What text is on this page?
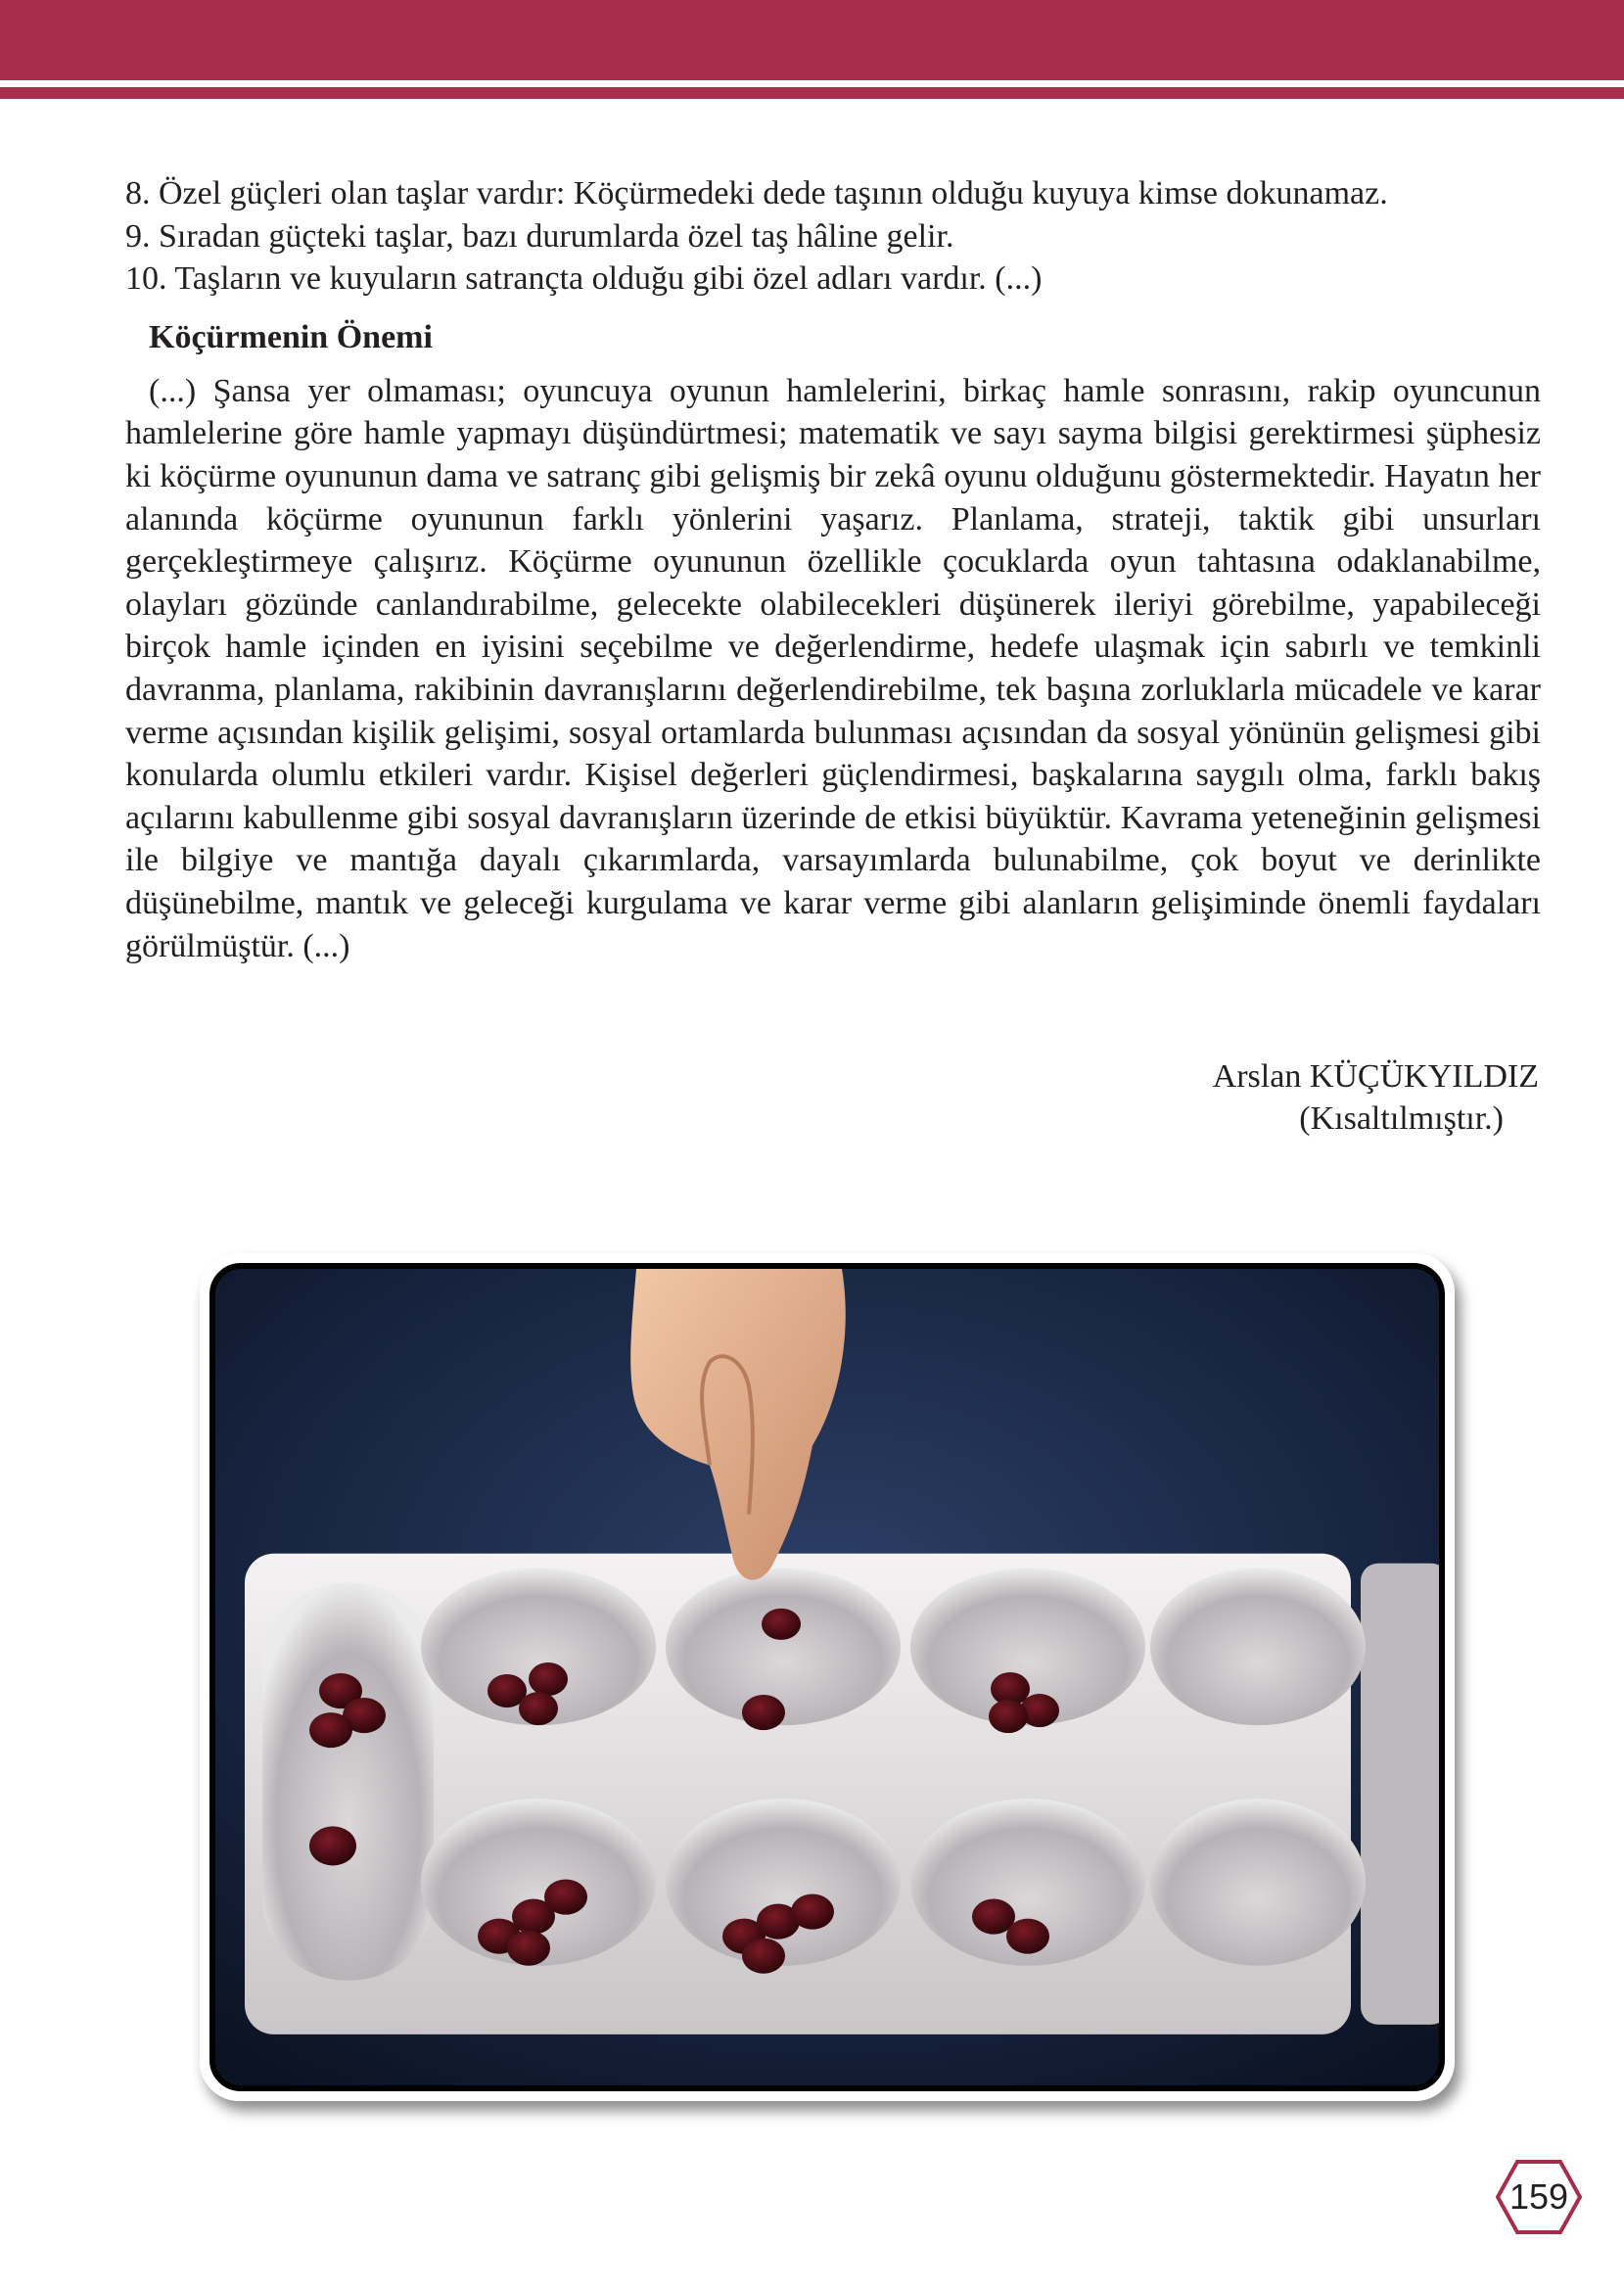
8. Özel güçleri olan taşlar vardır: Köçürmedeki dede taşının olduğu kuyuya kimse dokunamaz.

9. Sıradan güçteki taşlar, bazı durumlarda özel taş hâline gelir.

10. Taşların ve kuyuların satrançta olduğu gibi özel adları vardır. (...)

Köçürmenin Önemi

(...) Şansa yer olmaması; oyuncuya oyunun hamlelerini, birkaç hamle sonrasını, rakip oyuncunun hamlelerine göre hamle yapmayı düşündürtmesi; matematik ve sayı sayma bilgisi gerektirmesi şüphesiz ki köçürme oyununun dama ve satranç gibi gelişmiş bir zekâ oyunu olduğunu göstermektedir. Hayatın her alanında köçürme oyununun farklı yönlerini yaşarız. Planlama, strateji, taktik gibi unsurları gerçekleştirmeye çalışırız. Köçürme oyununun özellikle çocuklarda oyun tahtasına odaklanabilme, olayları gözünde canlandırabilme, gelecekte olabilecekleri düşünerek ileriyi görebilme, yapabileceği birçok hamle içinden en iyisini seçebilme ve değerlendirme, hedefe ulaşmak için sabırlı ve temkinli davranma, planlama, rakibinin davranışlarını değerlendirebilme, tek başına zorluklarla mücadele ve karar verme açısından kişilik gelişimi, sosyal ortamlarda bulunması açısından da sosyal yönünün gelişmesi gibi konularda olumlu etkileri vardır. Kişisel değerleri güçlendirmesi, başkalarına saygılı olma, farklı bakış açılarını kabullenme gibi sosyal davranışların üzerinde de etkisi büyüktür. Kavrama yeteneğinin gelişmesi ile bilgiye ve mantığa dayalı çıkarımlarda, varsayımlarda bulunabilme, çok boyut ve derinlikte düşünebilme, mantık ve geleceği kurgulama ve karar verme gibi alanların gelişiminde önemli faydaları görülmüştür. (...)

Arslan KÜÇÜKYILDIZ

(Kısaltılmıştır.)
159
